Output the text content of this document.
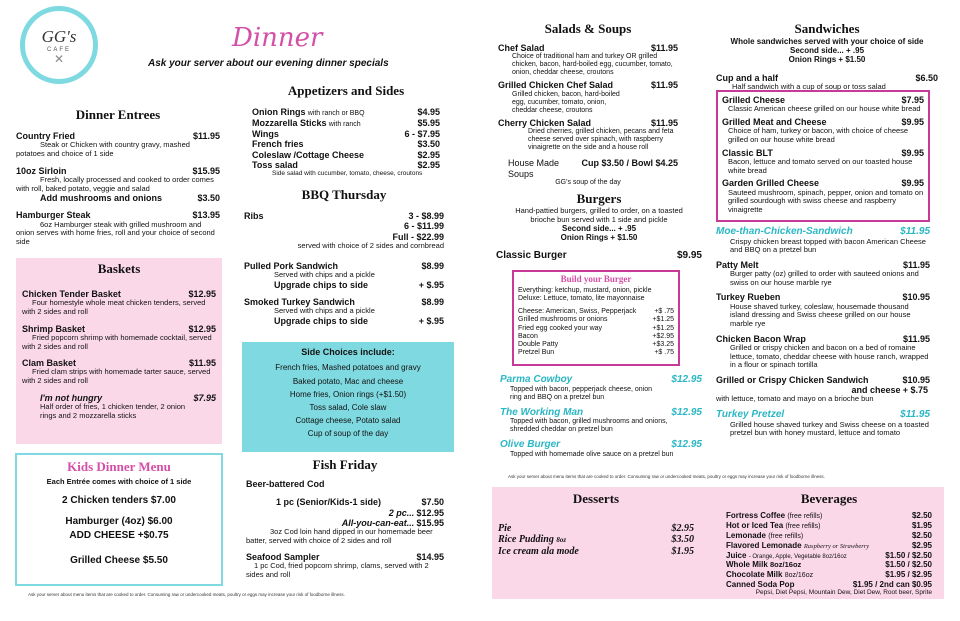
GG's
CAFE
✕
Dinner
Ask your server about our evening dinner specials
Dinner Entrees
Country Fried	$11.95
Steak or Chicken with country gravy, mashed potatoes and choice of 1 side
10oz Sirloin	$15.95
Fresh, locally processed and cooked to order comes with roll, baked potato, veggie and salad
Add mushrooms and onions	$3.50
Hamburger Steak	$13.95
6oz Hamburger steak with grilled mushroom and onion serves with home fries, roll and your choice of second side
Baskets
Chicken Tender Basket	$12.95
Four homestyle whole meat chicken tenders, served with 2 sides and roll
Shrimp Basket	$12.95
Fried popcorn shrimp with homemade cocktail, served with 2 sides and roll
Clam Basket	$11.95
Fried clam strips with homemade tarter sauce, served with 2 sides and roll
I'm not hungry	$7.95
Half order of fries, 1 chicken tender, 2 onion rings and 2 mozzarella sticks
Kids Dinner Menu
Each Entrée comes with choice of 1 side
2 Chicken tenders $7.00
Hamburger (4oz) $6.00
ADD CHEESE +$0.75
Grilled Cheese $5.50
Appetizers and Sides
Onion Rings with ranch or BBQ	$4.95
Mozzarella Sticks with ranch	$5.95
Wings	6 - $7.95
French fries	$3.50
Coleslaw /Cottage Cheese	$2.95
Toss salad	$2.95
Side salad with cucumber, tomato, cheese, croutons
BBQ Thursday
Ribs	3 - $8.99
6 - $11.99
Full - $22.99
served with choice of 2 sides and cornbread
Pulled Pork Sandwich	$8.99
Served with chips and a pickle
Upgrade chips to side	+ $.95
Smoked Turkey Sandwich	$8.99
Served with chips and a pickle
Upgrade chips to side	+ $.95
Side Choices include:
French fries, Mashed potatoes and gravy
Baked potato, Mac and cheese
Home fries, Onion rings (+$1.50)
Toss salad, Cole slaw
Cottage cheese, Potato salad
Cup of soup of the day
Fish Friday
Beer-battered Cod
1 pc (Senior/Kids-1 side)	$7.50
2 pc... $12.95
All-you-can-eat... $15.95
3oz Cod loin hand dipped in our homemade beer batter, served with choice of 2 sides and roll
Seafood Sampler	$14.95
1 pc Cod, fried popcorn shrimp, clams, served with 2 sides and roll
Ask your server about menu items that are cooked to order. Consuming raw or undercooked meats, poultry or eggs may increase your risk of foodborne illness.
Salads & Soups
Chef Salad	$11.95
Choice of traditional ham and turkey OR grilled chicken, bacon, hard-boiled egg, cucumber, tomato, onion, cheddar cheese, croutons
Grilled Chicken Chef Salad	$11.95
Grilled chicken, bacon, hard-boiled egg, cucumber, tomato, onion, cheddar cheese, croutons
Cherry Chicken Salad	$11.95
Dried cherries, grilled chicken, pecans and feta cheese served over spinach, with raspberry vinaigrette on the side and a house roll
House Made Soups
Cup $3.50 / Bowl $4.25
GG's soup of the day
Burgers
Hand-pattied burgers, grilled to order, on a toasted brioche bun served with 1 side and pickle
Second side... + .95
Onion Rings + $1.50
Classic Burger	$9.95
Build your Burger
Everything: ketchup, mustard, onion, pickle
Deluxe: Lettuce, tomato, lite mayonnaise
Cheese: American, Swiss, Pepperjack	+$ .75
Grilled mushrooms or onions	+$1.25
Fried egg cooked your way	+$1.25
Bacon	+$2.95
Double Patty	+$3.25
Pretzel Bun	+$ .75
Parma Cowboy	$12.95
Topped with bacon, pepperjack cheese, onion ring and BBQ on a pretzel bun
The Working Man	$12.95
Topped with bacon, grilled mushrooms and onions, shredded cheddar on pretzel bun
Olive Burger	$12.95
Topped with homemade olive sauce on a pretzel bun
Ask your server about menu items that are cooked to order. Consuming raw or undercooked meats, poultry or eggs may increase your risk of foodborne illness.
Sandwiches
Whole sandwiches served with your choice of side
Second side... + .95
Onion Rings + $1.50
Cup and a half	$6.50
Half sandwich with a cup of soup or toss salad
Grilled Cheese	$7.95
Classic American cheese grilled on our house white bread
Grilled Meat and Cheese	$9.95
Choice of ham, turkey or bacon, with choice of cheese grilled on our house white bread
Classic BLT	$9.95
Bacon, lettuce and tomato served on our toasted house white bread
Garden Grilled Cheese	$9.95
Sauteed mushroom, spinach, pepper, onion and tomato on grilled sourdough with swiss cheese and raspberry vinaigrette
Moe-than-Chicken-Sandwich	$11.95
Crispy chicken breast topped with bacon American Cheese and BBQ on a pretzel bun
Patty Melt	$11.95
Burger patty (oz) grilled to order with sauteed onions and swiss on our house marble rye
Turkey Rueben	$10.95
House shaved turkey, coleslaw, housemade thousand island dressing and Swiss cheese grilled on our house marble rye
Chicken Bacon Wrap	$11.95
Grilled or crispy chicken and bacon on a bed of romaine lettuce, tomato, cheddar cheese with house ranch, wrapped in a flour or spinach tortilla
Grilled or Crispy Chicken Sandwich	$10.95
and cheese + $.75
with lettuce, tomato and mayo on a brioche bun
Turkey Pretzel	$11.95
Grilled house shaved turkey and Swiss cheese on a toasted pretzel bun with honey mustard, lettuce and tomato
Desserts
Pie	$2.95
Rice Pudding 8oz	$3.50
Ice cream ala mode	$1.95
Beverages
Fortress Coffee (free refills)	$2.50
Hot or Iced Tea (free refills)	$1.95
Lemonade (free refills)	$2.50
Flavored Lemonade Raspberry or Strawberry	$2.95
Juice - Orange, Apple, Vegetable 8oz/16oz	$1.50 / $2.50
Whole Milk 8oz/16oz	$1.50 / $2.50
Chocolate Milk 8oz/16oz	$1.95 / $2.95
Canned Soda Pop	$1.95 / 2nd can $0.95
Pepsi, Diet Pepsi, Mountain Dew, Diet Dew, Root beer, Sprite
